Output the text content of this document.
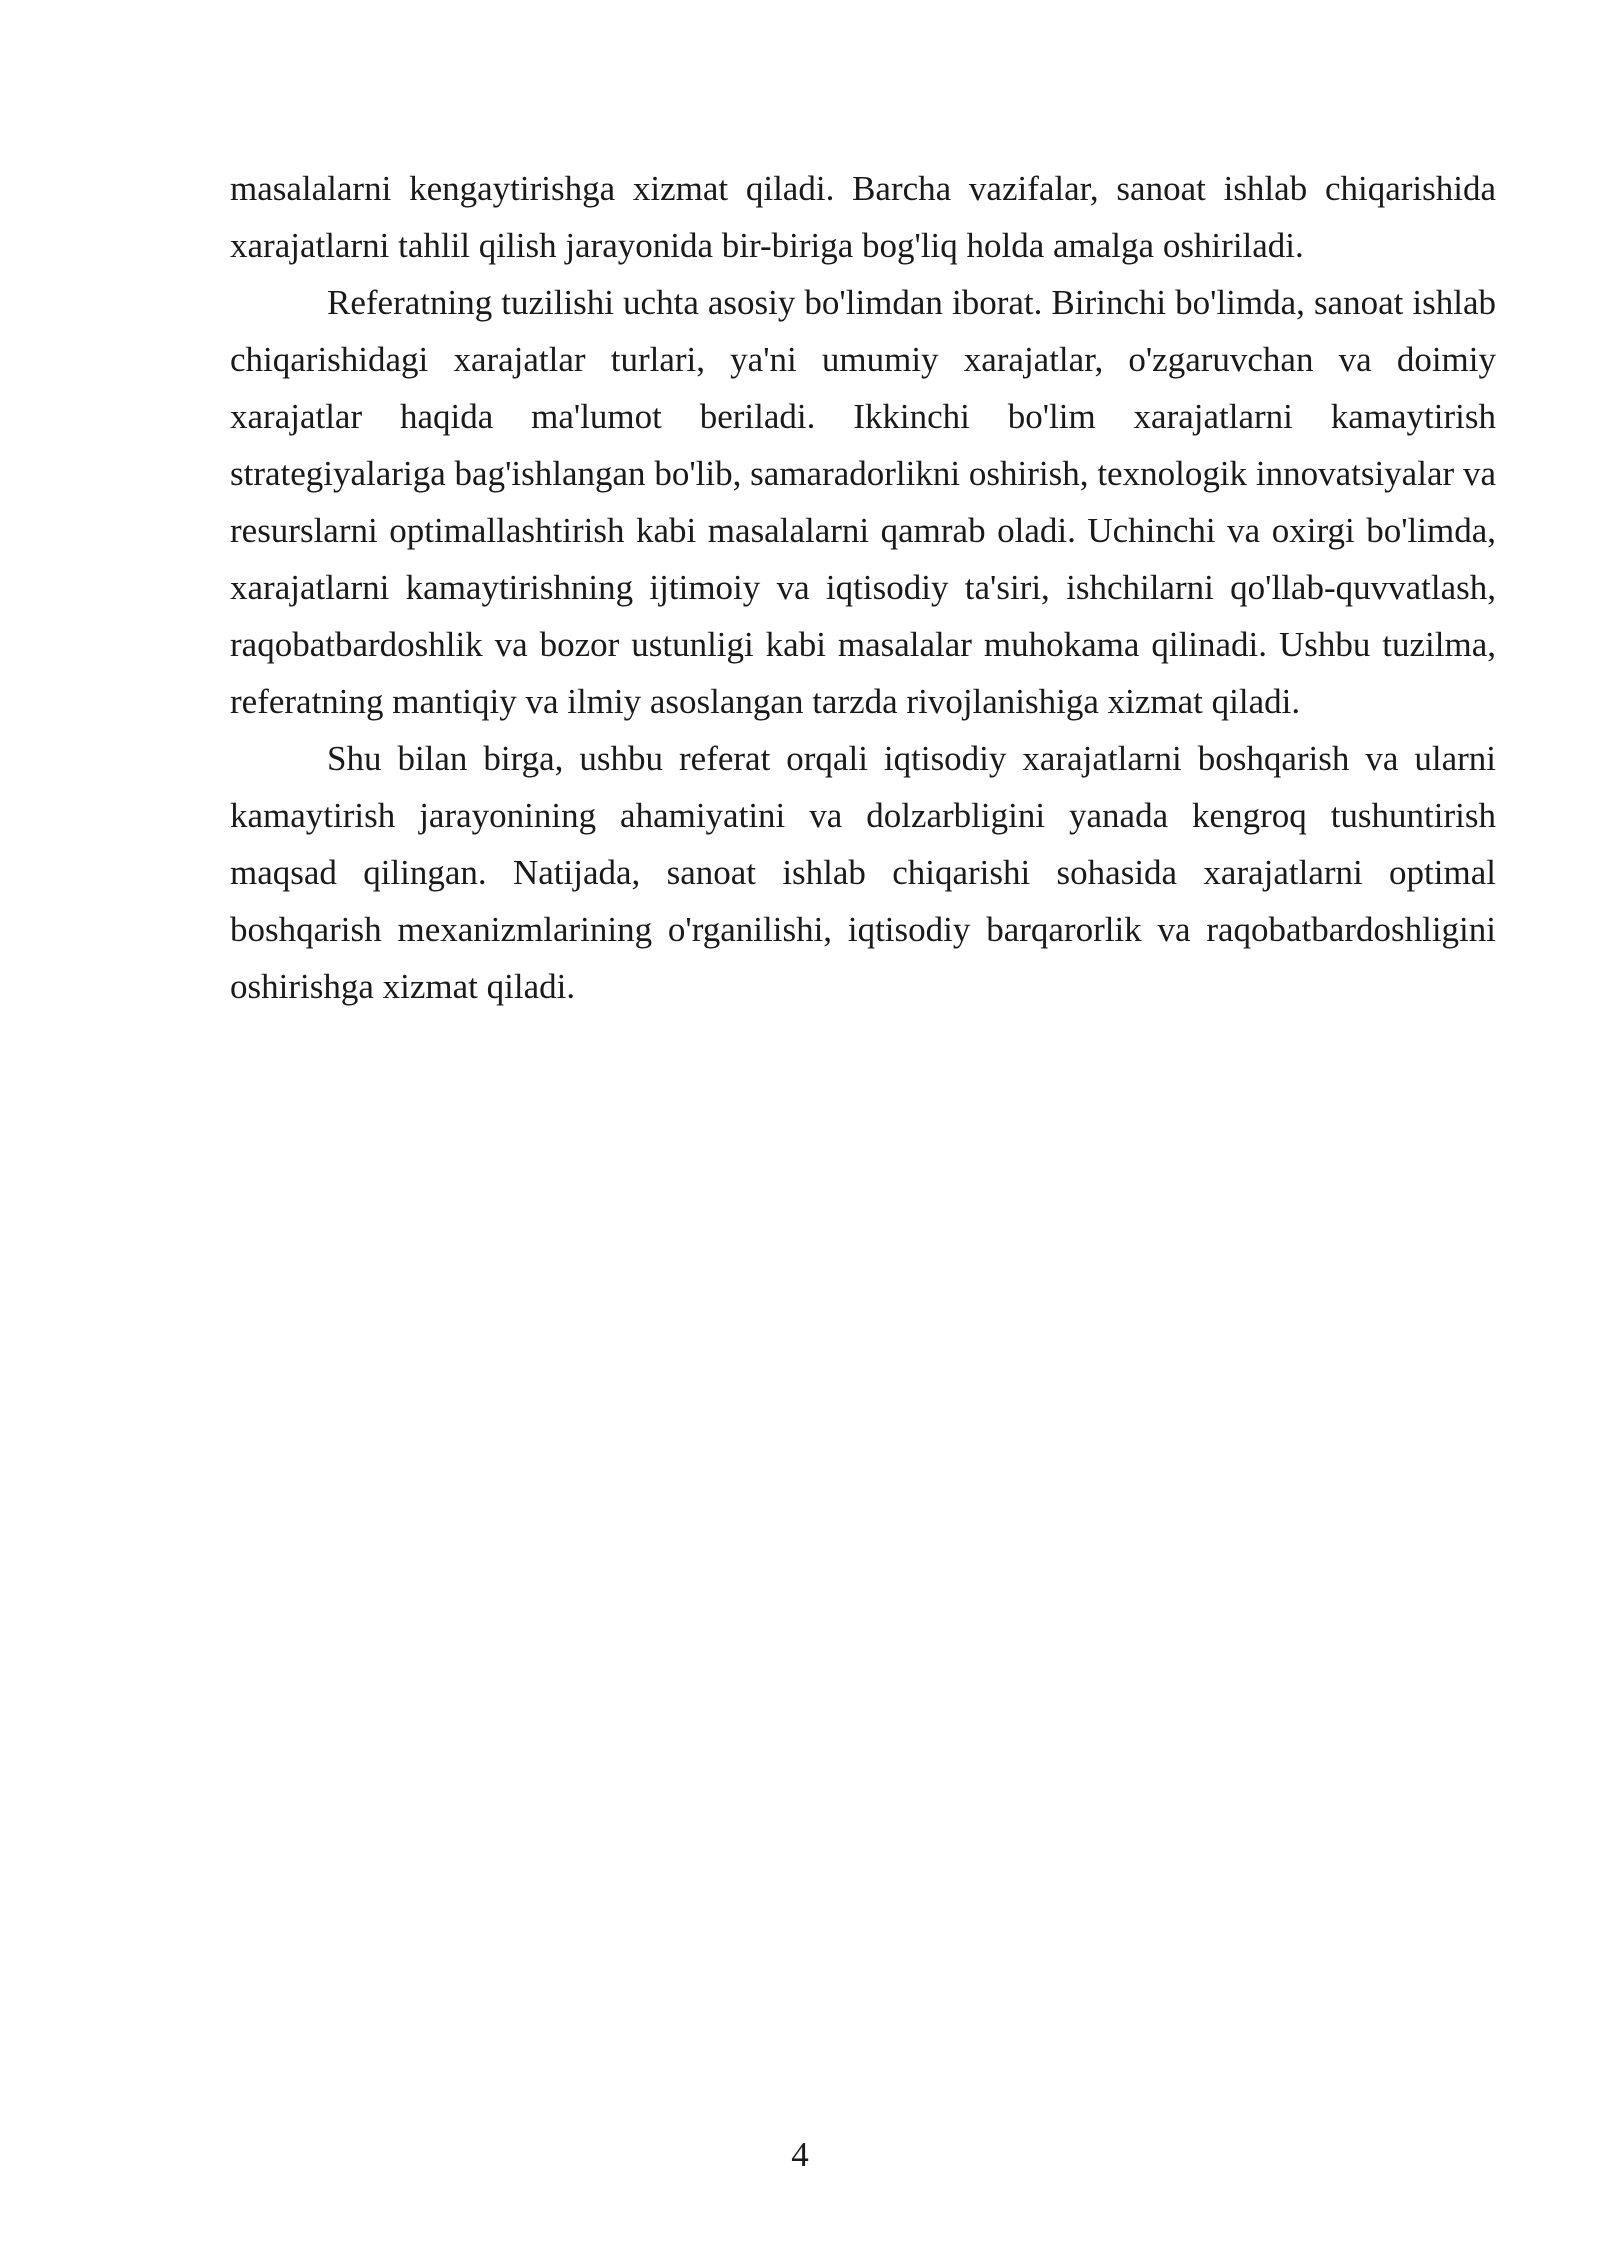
masalalarni kengaytirishga xizmat qiladi. Barcha vazifalar, sanoat ishlab chiqarishida xarajatlarni tahlil qilish jarayonida bir-biriga bog'liq holda amalga oshiriladi.

Referatning tuzilishi uchta asosiy bo'limdan iborat. Birinchi bo'limda, sanoat ishlab chiqarishidagi xarajatlar turlari, ya'ni umumiy xarajatlar, o'zgaruvchan va doimiy xarajatlar haqida ma'lumot beriladi. Ikkinchi bo'lim xarajatlarni kamaytirish strategiyalariga bag'ishlangan bo'lib, samaradorlikni oshirish, texnologik innovatsiyalar va resurslarni optimallashtirish kabi masalalarni qamrab oladi. Uchinchi va oxirgi bo'limda, xarajatlarni kamaytirishning ijtimoiy va iqtisodiy ta'siri, ishchilarni qo'llab-quvvatlash, raqobatbardoshlik va bozor ustunligi kabi masalalar muhokama qilinadi. Ushbu tuzilma, referatning mantiqiy va ilmiy asoslangan tarzda rivojlanishiga xizmat qiladi.

Shu bilan birga, ushbu referat orqali iqtisodiy xarajatlarni boshqarish va ularni kamaytirish jarayonining ahamiyatini va dolzarbligini yanada kengroq tushuntirish maqsad qilingan. Natijada, sanoat ishlab chiqarishi sohasida xarajatlarni optimal boshqarish mexanizmlarining o'rganilishi, iqtisodiy barqarorlik va raqobatbardoshligini oshirishga xizmat qiladi.

4
